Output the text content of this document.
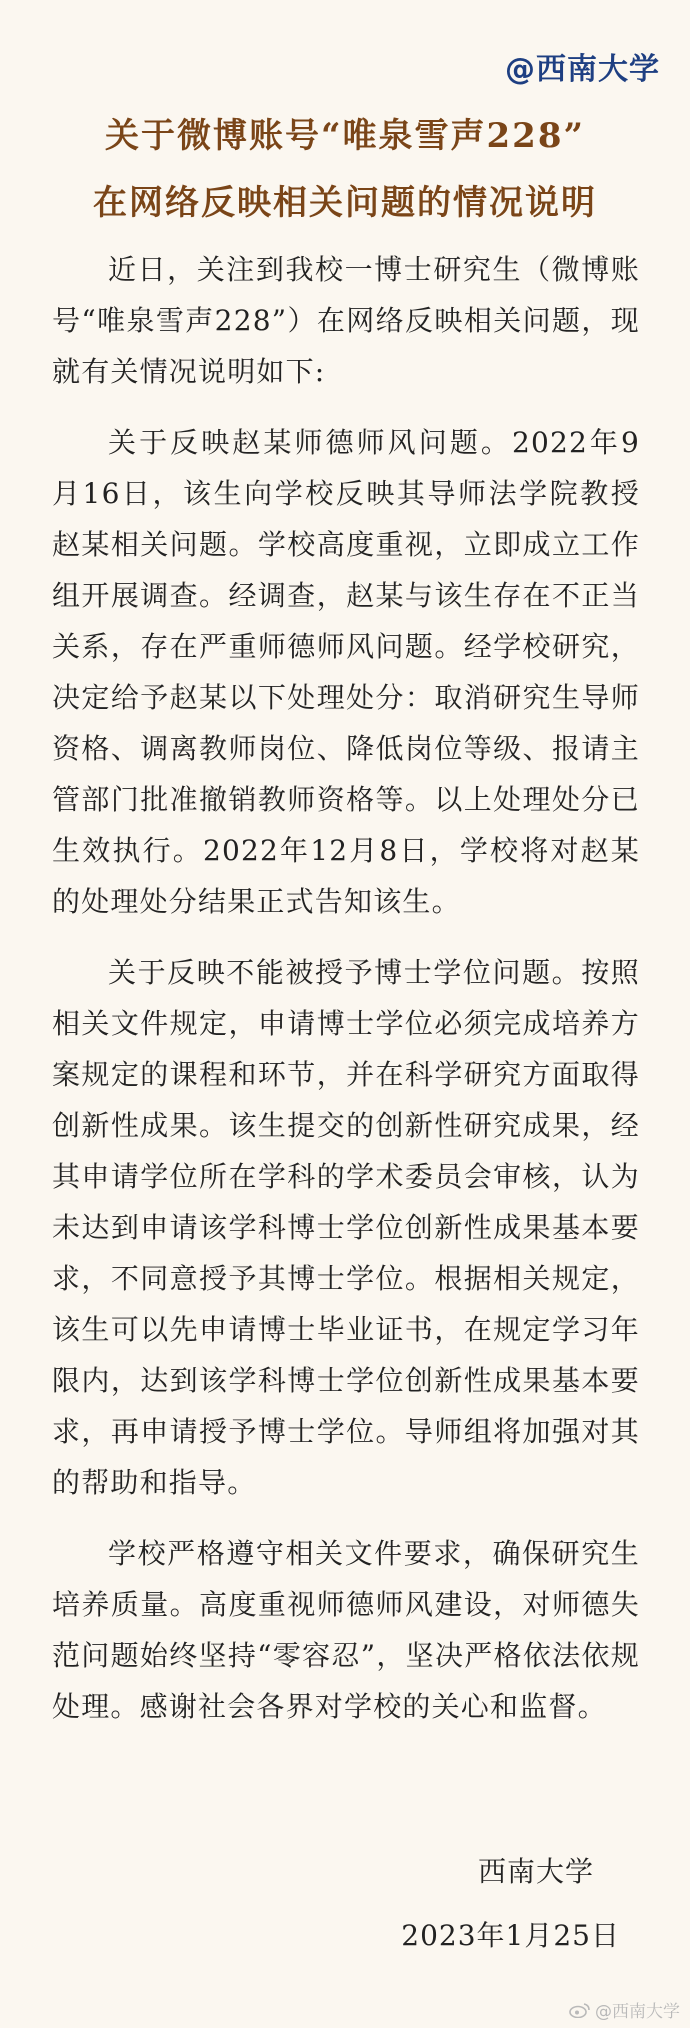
@西南大学
关于微博账号“唯泉雪声228”
在网络反映相关问题的情况说明

近日，关注到我校一博士研究生（微博账号“唯泉雪声228”）在网络反映相关问题，现就有关情况说明如下:

关于反映赵某师德师风问题。2022年9月16日，该生向学校反映其导师法学院教授赵某相关问题。学校高度重视，立即成立工作组开展调查。经调查，赵某与该生存在不正当关系，存在严重师德师风问题。经学校研究，决定给予赵某以下处理处分：取消研究生导师资格、调离教师岗位、降低岗位等级、报请主管部门批准撤销教师资格等。以上处理处分已生效执行。2022年12月8日，学校将对赵某的处理处分结果正式告知该生。

关于反映不能被授予博士学位问题。按照相关文件规定，申请博士学位必须完成培养方案规定的课程和环节，并在科学研究方面取得创新性成果。该生提交的创新性研究成果，经其申请学位所在学科的学术委员会审核，认为未达到申请该学科博士学位创新性成果基本要求，不同意授予其博士学位。根据相关规定，该生可以先申请博士毕业证书，在规定学习年限内，达到该学科博士学位创新性成果基本要求，再申请授予博士学位。导师组将加强对其的帮助和指导。

学校严格遵守相关文件要求，确保研究生培养质量。高度重视师德师风建设，对师德失范问题始终坚持“零容忍”，坚决严格依法依规处理。感谢社会各界对学校的关心和监督。

西南大学
2023年1月25日
@西南大学
